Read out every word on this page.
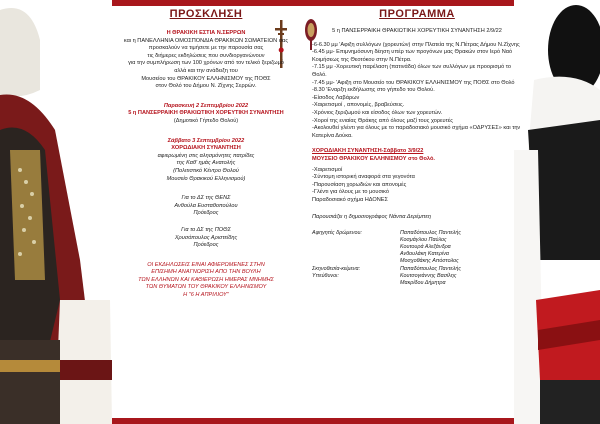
ΠΡΟΣΚΛΗΣΗ

Η ΘΡΑΚΙΚΗ ΕΣΤΙΑ Ν.ΣΕΡΡΩΝ

και η ΠΑΝΕΛΛΗΝΙΑ ΟΜΟΣΠΟΝΔΙΑ ΘΡΑΚΙΚΩΝ ΣΩΜΑΤΕΙΩΝ σας

προσκαλούν να τιμήσετε με την παρουσία σας

τις διήμερες εκδηλώσεις που συνδιοργανώνουν

για την συμπλήρωση των 100 χρόνων από τον τελικό ξεριζωμό

αλλά και την ανάδειξη του

Μουσείου του ΘΡΑΚΙΚΟΥ ΕΛΛΗΝΙΣΜΟΥ της ΠΟΘΣ

στον Θολό του Δήμου Ν. Ζίχνης Σερρών.

Παρασκευή 2 Σεπτεμβρίου 2022

5 η ΠΑΝΣΕΡΡΑΙΚΗ ΘΡΑΚΙΩΤΙΚΗ ΧΟΡΕΥΤΙΚΗ ΣΥΝΑΝΤΗΣΗ

(Δημοτικό Γήπεδο Θολού)

Σάββατο 3 Σεπτεμβρίου 2022

ΧΟΡΩΔΙΑΚΗ ΣΥΝΑΝΤΗΣΗ

αφιερωμένη στις αλησμόνητες πατρίδες

της Καθ' ημάς Ανατολής

(Πολιτιστικό Κέντρο Θολού

Μουσείο Θρακικού Ελληνισμού)

Για το ΔΣ της ΘΕΝΣ

Ανθούλα Ευσταθοπούλου

Πρόεδρος

Για το ΔΣ της ΠΟΘΣ

Χρυσόπουλος Αριστείδης

Πρόεδρος

ΟΙ ΕΚΔΗΛΩΣΕΙΣ ΕΙΝΑΙ ΑΦΙΕΡΩΜΕΝΕΣ ΣΤΗΝ

ΕΠΙΣΗΜΗ ΑΝΑΓΝΩΡΙΣΗ ΑΠΟ ΤΗΝ ΒΟΥΛΗ

ΤΩΝ ΕΛΛΗΝΩΝ ΚΑΙ ΚΑΘΙΕΡΩΣΗ ΗΜΕΡΑΣ ΜΝΗΜΗΣ

ΤΩΝ ΘΥΜΑΤΩΝ ΤΟΥ ΘΡΑΚΙΚΟΥ ΕΛΛΗΝΙΣΜΟΥ

Η "6 Η ΑΠΡΙΛΙΟΥ"

ΠΡΟΓΡΑΜΜΑ

5 η ΠΑΝΣΕΡΡΑΙΚΗ ΘΡΑΚΙΩΤΙΚΗ ΧΟΡΕΥΤΙΚΗ ΣΥΝΑΝΤΗΣΗ 2/9/22

-6-6.30 μμ 'Αφιξη συλλόγων (χορευτών) στην Πλατεία της Ν.Πέτρας Δήμου Ν.Ζίχνης

-6.45 μμ- Επιμνημόσυνη δέηση υπέρ των προγόνων μας Θρακών στον Ιερό Ναό Κοιμήσεως της Θεοτόκου στην Ν.Πέτρα.

-7.15 μμ -Χορευτική παρέλαση (πατινάδα) όλων των συλλόγων με προορισμό το Θολό.

-7.45 μμ- 'Αφιξη στο Μουσείο του ΘΡΑΚΙΚΟΥ ΕΛΛΗΝΙΣΜΟΥ της ΠΟΘΣ στο Θολό

-8.30 'Εναρξη εκδήλωσης στο γήπεδο του Θολού.

-Είσοδος Λαβάρων

-Χαιρετισμοί , απονομές, βραβεύσεις.

-Χρόνιος ξεριζωμού και είσοδος όλων των χορευτών.

-Χοροί της ενιαίας Θράκης από όλους μαζί τους χορευτές

-Ακολουθεί γλέντι για όλους με το παραδοσιακό μουσικό σχήμα «ΟΔΡΥΣΕΣ» και την Κατερίνα Δούκα.

ΧΟΡΩΔΙΑΚΗ ΣΥΝΑΝΤΗΣΗ-Σάββατο 3/9/22

ΜΟΥΣΕΙΟ ΘΡΑΚΙΚΟΥ ΕΛΛΗΝΙΣΜΟΥ στο Θολό.

-Χαιρετισμοί

-Σύντομη ιστορική αναφορά στα γεγονότα

-Παρουσίαση χορωδιών και απονομές

-Γλέντι για όλους με το μουσικό

Παραδοσιακό σχήμα ΗΔΟΝΕΣ

Παρουσιάζει η δημοσιογράφος Νάντια Δερέμπεη

Αφηγητές δρώμενου:	Παπαδόπουλος Παντελής
Κοσμάγλου Παύλος
Κουτουρά Αλεξάνδρα
Ανθουλάκη Κατερίνα
Μοσχοθάκης Απόστολος
Σκηνοθεσία-κείμενα:	Παπαδόπουλος Παντελής
Υπεύθυνοι:	Κουτσογιάννης Βασίλης
Μακρίδου Δήμητρα
